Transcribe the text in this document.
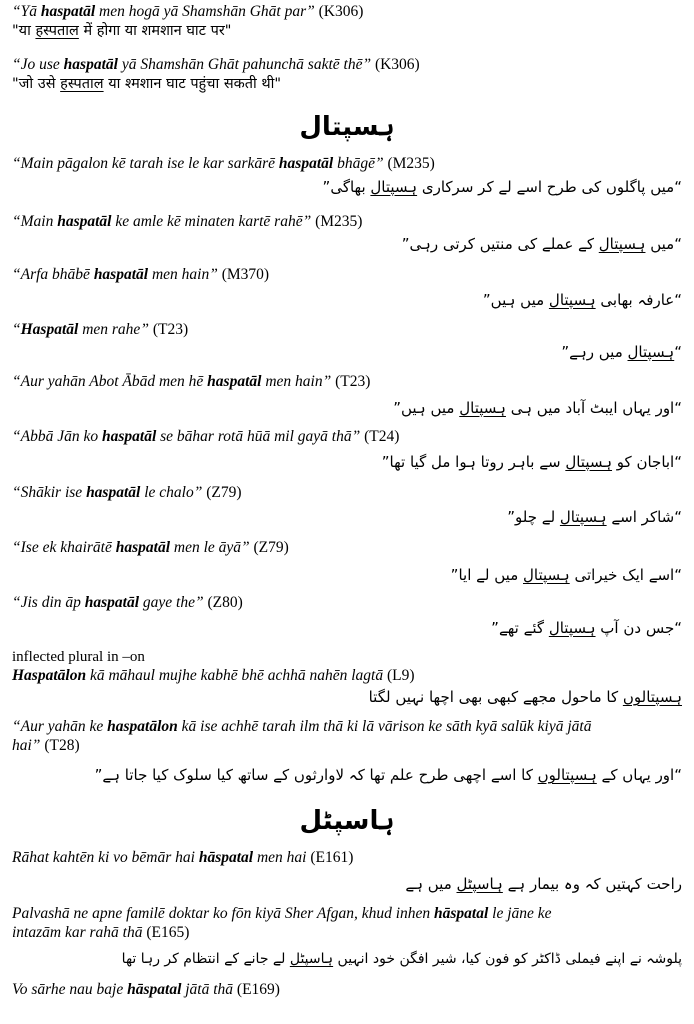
“Yā haspatāl men hogā yā Shamshān Ghāt par” (K306)
"या हस्पताल में होगा या शमशान घाट पर"
“Jo use haspatāl yā Shamshān Ghāt pahunchā saktē thē” (K306)
"जो उसे हस्पताल या श्मशान घाट पहुंचा सकती थी"
ہسپتال
“Main pāgalon kē tarah ise le kar sarkārē haspatāl bhāgē” (M235)
“میں پاگلوں کی طرح اسے لے کر سرکاری ہسپتال بھاگی”
“Main haspatāl ke amle kē minaten kartē rahē” (M235)
“میں ہسپتال کے عملے کی منتیں کرتی رہی”
“Arfa bhābē haspatāl men hain” (M370)
“عارفہ بھابی ہسپتال میں ہیں”
“Haspatāl men rahe” (T23)
“ہسپتال میں رہے”
“Aur yahān Abot Ābād men hē haspatāl men hain” (T23)
“اور یہاں ایبٹ آباد میں ہی ہسپتال میں ہیں”
“Abbā Jān ko haspatāl se bāhar rotā hūā mil gayā thā” (T24)
“اباجان کو ہسپتال سے باہر روتا ہوا مل گیا تھا”
“Shākir ise haspatāl le chalo” (Z79)
“شاکر اسے ہسپتال لے چلو”
“Ise ek khairātē haspatāl men le āyā” (Z79)
“اسے ایک خیراتی ہسپتال میں لے ایا”
“Jis din āp haspatāl gaye the” (Z80)
“جس دن آپ ہسپتال گئے تھے”
inflected plural in –on
Haspatālon kā māhaul mujhe kabhē bhē achhā nahēn lagtā (L9)
ہسپتالوں کا ماحول مجھے کبھی بھی اچھا نہیں لگتا
“Aur yahān ke haspatālon kā ise achhē tarah ilm thā ki lā vārison ke sāth kyā salūk kiyā jātā
hai” (T28)
“اور یہاں کے ہسپتالوں کا اسے اچھی طرح علم تھا کہ لاوارثوں کے ساتھ کیا سلوک کیا جاتا ہے”
ہاسپٹل
Rāhat kahtēn ki vo bēmār hai hāspatal men hai (E161)
راحت کہتیں کہ وہ بیمار ہے ہاسپٹل میں ہے
Palvashā ne apne familē doktar ko fōn kiyā Sher Afgan, khud inhen hāspatal le jāne ke
intazām kar rahā thā (E165)
پلوشہ نے اپنے فیملی ڈاکٹر کو فون کیا، شیر افگن خود انہیں ہاسپٹل لے جانے کے انتظام کر رہا تھا
Vo sārhe nau baje hāspatal jātā thā (E169)
